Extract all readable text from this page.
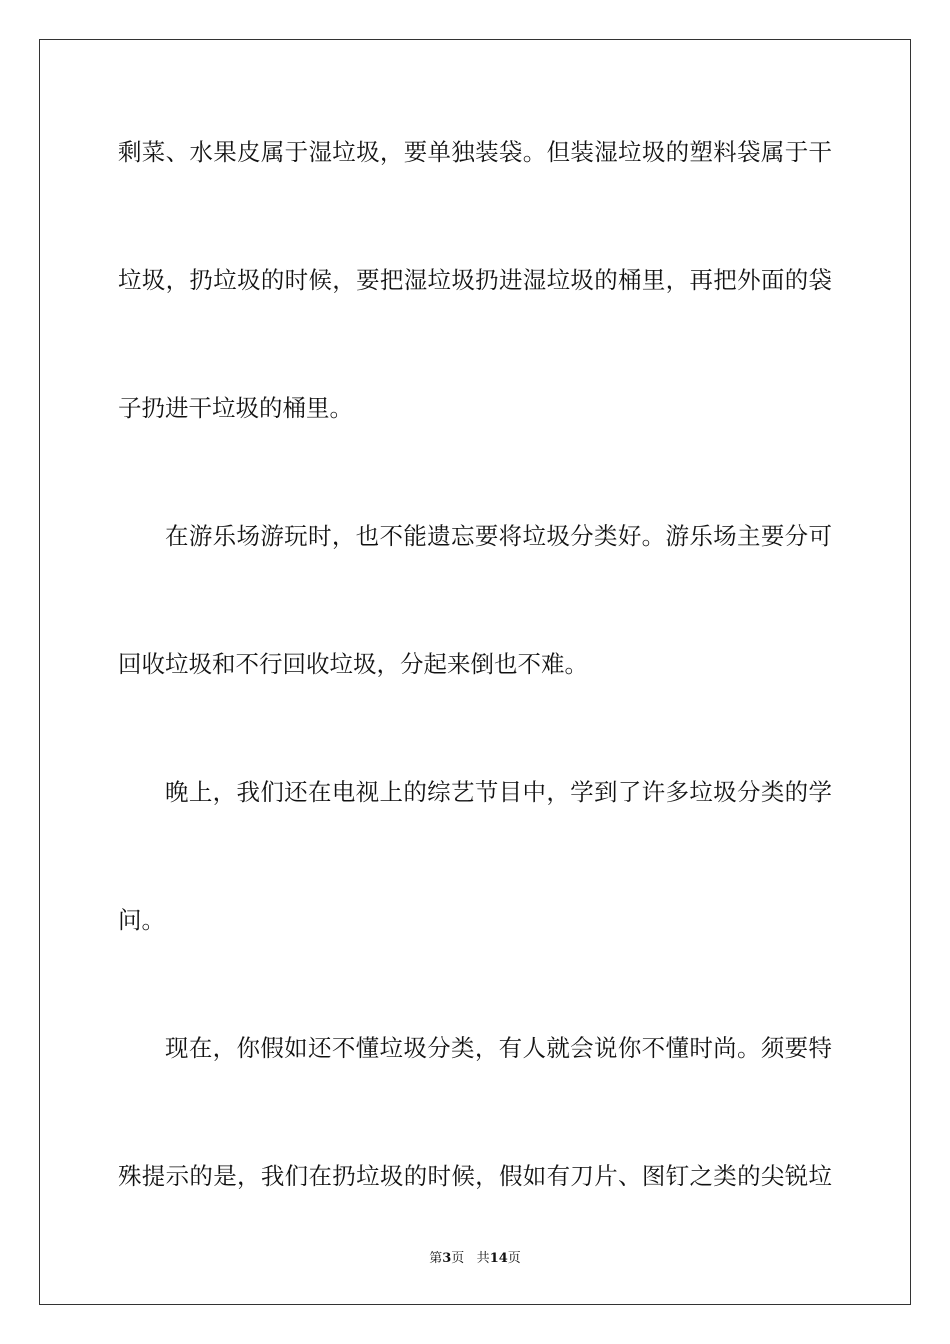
剩菜、水果皮属于湿垃圾，要单独装袋。但装湿垃圾的塑料袋属于干
垃圾，扔垃圾的时候，要把湿垃圾扔进湿垃圾的桶里，再把外面的袋
子扔进干垃圾的桶里。
在游乐场游玩时，也不能遗忘要将垃圾分类好。游乐场主要分可
回收垃圾和不行回收垃圾，分起来倒也不难。
晚上，我们还在电视上的综艺节目中，学到了许多垃圾分类的学
问。
现在，你假如还不懂垃圾分类，有人就会说你不懂时尚。须要特
殊提示的是，我们在扔垃圾的时候，假如有刀片、图钉之类的尖锐垃
第3页 共14页
